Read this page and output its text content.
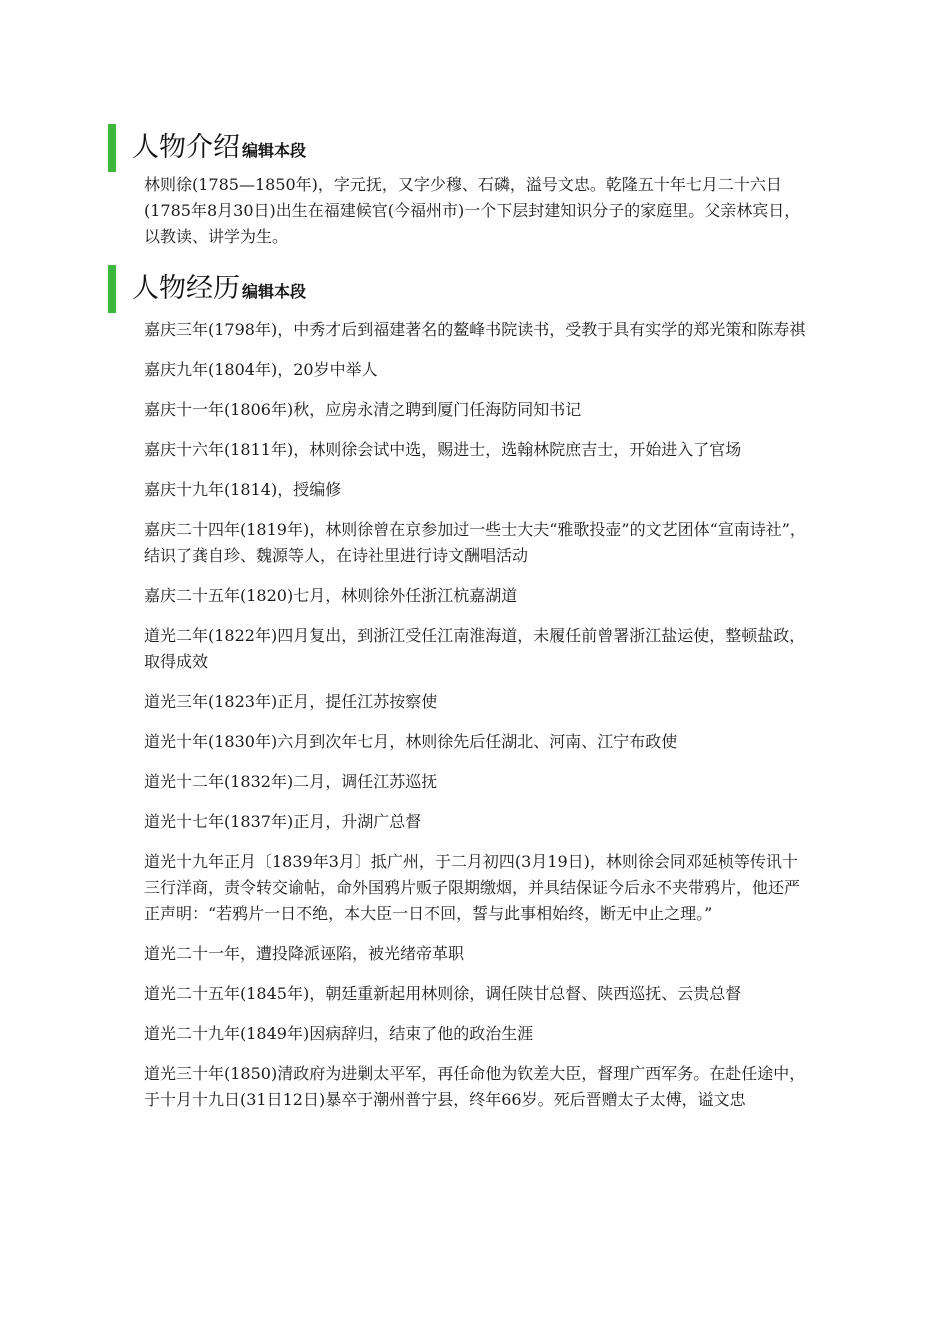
人物介绍 编辑本段

林则徐(1785—1850年)，字元抚，又字少穆、石磷，溢号文忠。乾隆五十年七月二十六日(1785年8月30日)出生在福建候官(今福州市)一个下层封建知识分子的家庭里。父亲林宾日，以教读、讲学为生。

人物经历 编辑本段

嘉庆三年(1798年)，中秀才后到福建著名的鳌峰书院读书，受教于具有实学的郑光策和陈寿祺

嘉庆九年(1804年)，20岁中举人

嘉庆十一年(1806年)秋，应房永清之聘到厦门任海防同知书记

嘉庆十六年(1811年)，林则徐会试中选，赐进士，选翰林院庶吉士，开始进入了官场

嘉庆十九年(1814)，授编修

嘉庆二十四年(1819年)，林则徐曾在京参加过一些士大夫“雅歌投壶”的文艺团体“宣南诗社”，结识了龚自珍、魏源等人，在诗社里进行诗文酬唱活动

嘉庆二十五年(1820)七月，林则徐外任浙江杭嘉湖道

道光二年(1822年)四月复出，到浙江受任江南淮海道，未履任前曾署浙江盐运使，整顿盐政，取得成效

道光三年(1823年)正月，提任江苏按察使

道光十年(1830年)六月到次年七月，林则徐先后任湖北、河南、江宁布政使

道光十二年(1832年)二月，调任江苏巡抚

道光十七年(1837年)正月，升湖广总督

道光十九年正月〔1839年3月〕抵广州，于二月初四(3月19日)，林则徐会同邓延桢等传讯十三行洋商，责令转交谕帖，命外国鸦片贩子限期缴烟，并具结保证今后永不夹带鸦片，他还严正声明：“若鸦片一日不绝，本大臣一日不回，誓与此事相始终，断无中止之理。”

道光二十一年，遭投降派诬陷，被光绪帝革职

道光二十五年(1845年)，朝廷重新起用林则徐，调任陕甘总督、陕西巡抚、云贵总督

道光二十九年(1849年)因病辞归，结束了他的政治生涯

道光三十年(1850)清政府为进剿太平军，再任命他为钦差大臣，督理广西军务。在赴任途中，于十月十九日(31日12日)暴卒于潮州普宁县，终年66岁。死后晋赠太子太傅，谥文忠
